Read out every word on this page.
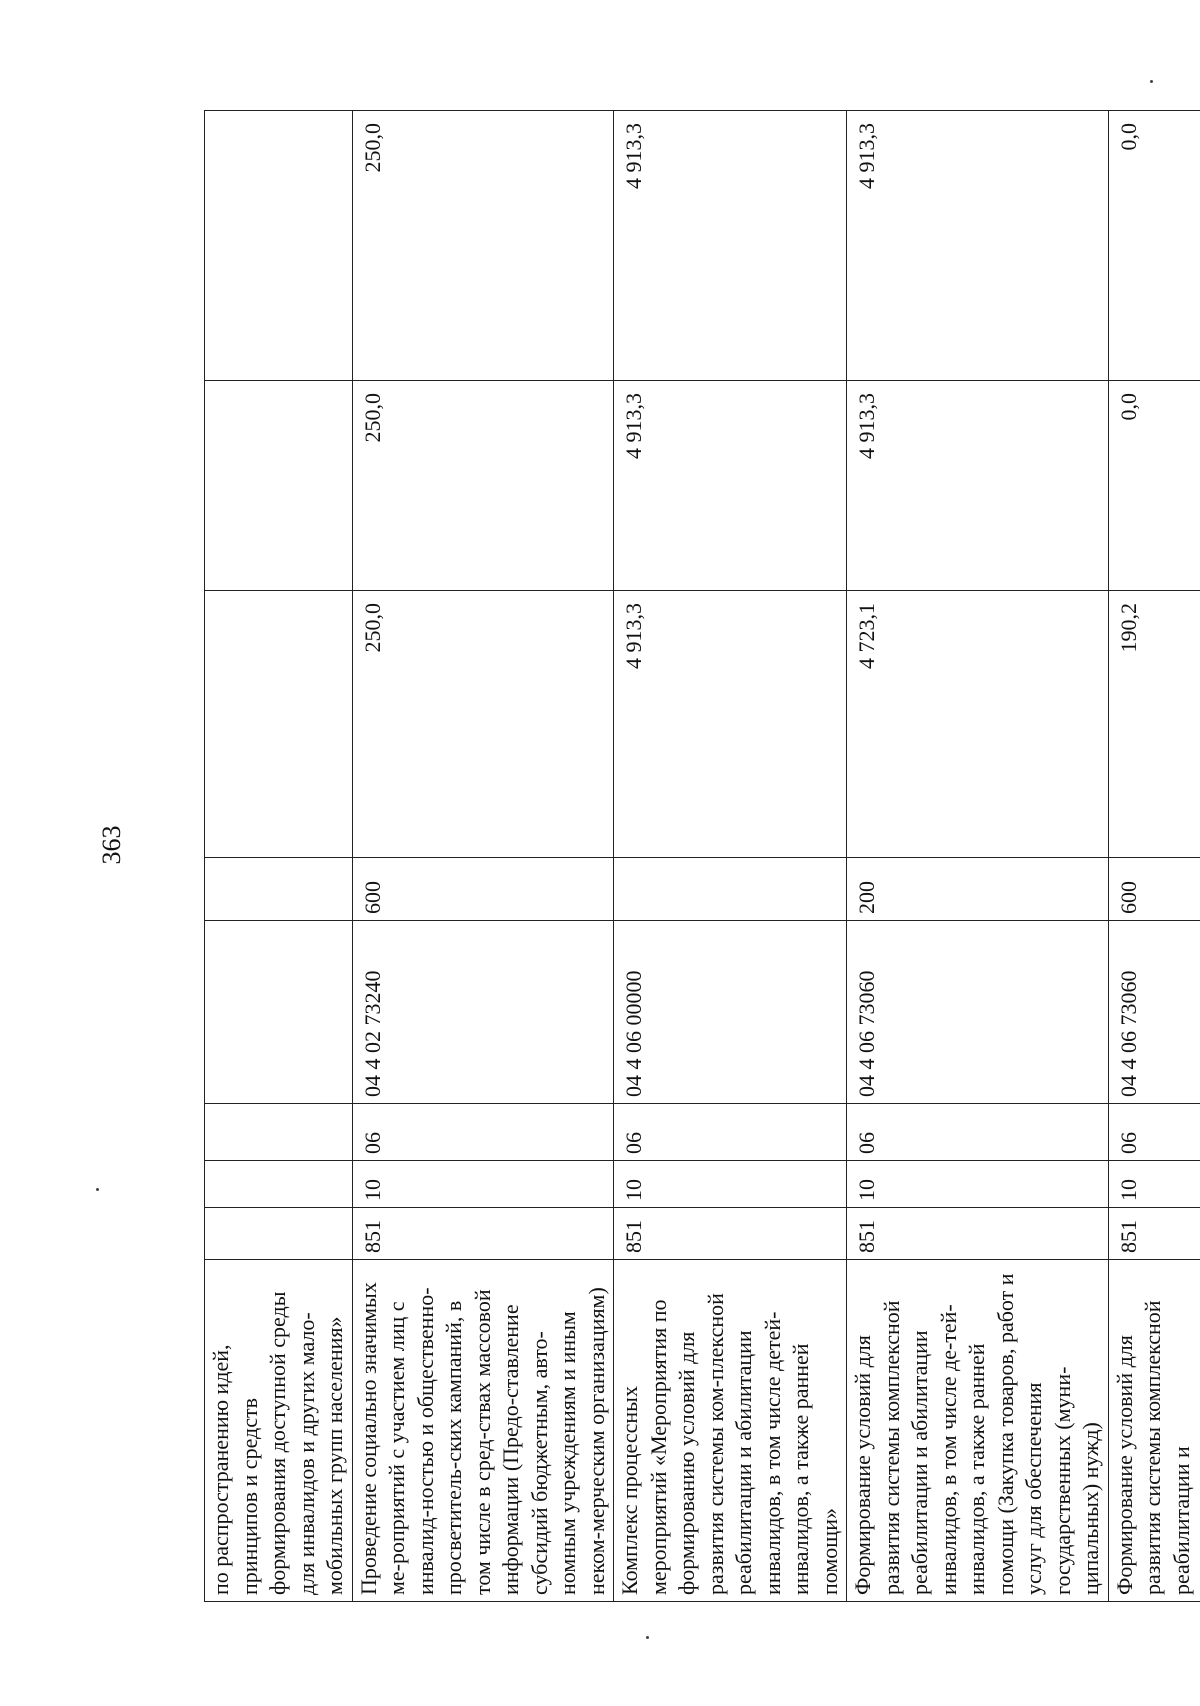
363
по распространению идей, принципов и средств формирования доступной среды для инвалидов и других мало-мобильных групп населения»								
Проведение социально значимых ме-роприятий с участием лиц с инвалид-ностью и общественно-просветитель-ских кампаний, в том числе в сред-ствах массовой информации (Предо-ставление субсидий бюджетным, авто-номным учреждениям и иным неком-мерческим организациям)	851	10	06	04 4 02 73240	600	250,0	250,0	250,0
Комплекс процессных мероприятий «Мероприятия по формированию условий для развития системы ком-плексной реабилитации и абилитации инвалидов, в том числе детей-инвалидов, а также ранней помощи»	851	10	06	04 4 06 00000		4 913,3	4 913,3	4 913,3
Формирование условий для развития системы комплексной реабилитации и абилитации инвалидов, в том числе де-тей-инвалидов, а также ранней помощи (Закупка товаров, работ и услуг для обеспечения государственных (муни-ципальных) нужд)	851	10	06	04 4 06 73060	200	4 723,1	4 913,3	4 913,3
Формирование условий для развития системы комплексной реабилитации и	851	10	06	04 4 06 73060	600	190,2	0,0	0,0
